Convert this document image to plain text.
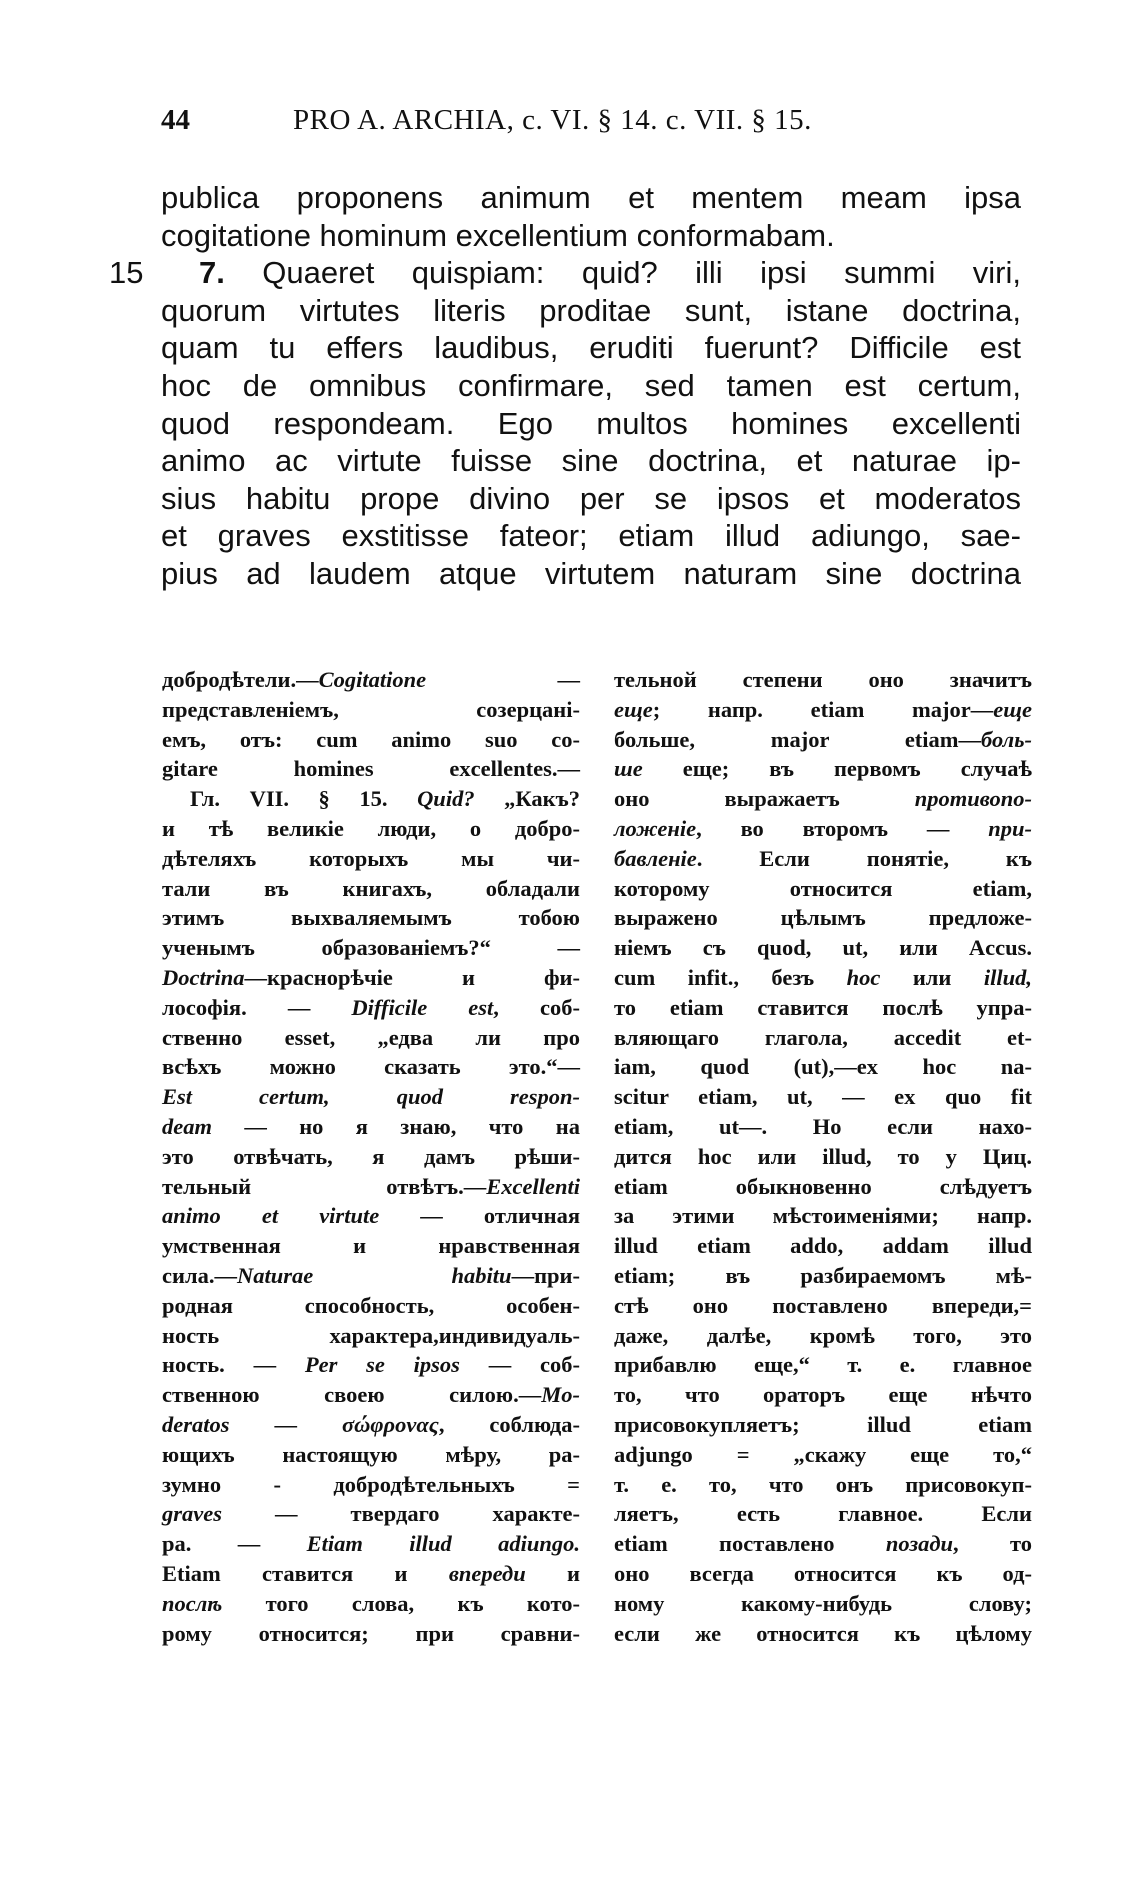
44	PRO A. ARCHIA, c. VI. § 14. c. VII. § 15.
publica proponens animum et mentem meam ipsa
cogitatione hominum excellentium conformabam.
15 7. Quaeret quispiam: quid? illi ipsi summi viri,
quorum virtutes literis proditae sunt, istane doctrina,
quam tu effers laudibus, eruditi fuerunt? Difficile est
hoc de omnibus confirmare, sed tamen est certum,
quod respondeam. Ego multos homines excellenti
animo ac virtute fuisse sine doctrina, et naturae ip-
sius habitu prope divino per se ipsos et moderatos
et graves exstitisse fateor; etiam illud adiungo, sae-
pius ad laudem atque virtutem naturam sine doctrina
добродѣтели.—Cogitatione —
представленіемъ, созерцані-
емъ, отъ: cum animo suo co-
gitare homines excellentes.—
Гл. VII. § 15. Quid? „Какъ?
и тѣ великіе люди, о добро-
дѣтеляхъ которыхъ мы чи-
тали въ книгахъ, обладали
этимъ выхваляемымъ тобою
ученымъ образованіемъ?“ —
Doctrina—краснорѣчіе и фи-
лософія. — Difficile est, соб-
ственно esset, „едва ли про
всѣхъ можно сказать это.“—
Est certum, quod respon-
deam — но я знаю, что на
это отвѣчать, я дамъ рѣши-
тельный отвѣтъ.—Excellenti
animo et virtute — отличная
умственная и нравственная
сила.—Naturae habitu—при-
родная способность, особен-
ность характера,индивидуаль-
ность. — Per se ipsos — соб-
ственною своею силою.—Mo-
deratos — σώφρονας, соблюда-
ющихъ настоящую мѣру, ра-
зумно - добродѣтельныхъ =
graves — твердаго характе-
ра. — Etiam illud adiungo.
Etiam ставится и впереди и
послѣ того слова, къ кото-
рому относится; при сравни-
тельной степени оно значитъ
еще; напр. etiam major—еще
больше, major etiam—боль-
ше еще; въ первомъ случаѣ
оно выражаетъ противопо-
ложеніе, во второмъ — при-
бавленіе. Если понятіе, къ
которому относится etiam,
выражено цѣлымъ предложе-
ніемъ съ quod, ut, или Accus.
cum infit., безъ hoc или illud,
то etiam ставится послѣ упра-
вляющаго глагола, accedit et-
iam, quod (ut),—ex hoc na-
scitur etiam, ut, — ex quo fit
etiam, ut—. Но если нахо-
дится hoc или illud, то у Циц.
etiam обыкновенно слѣдуетъ
за этими мѣстоименіями; напр.
illud etiam addo, addam illud
etiam; въ разбираемомъ мѣ-
стѣ оно поставлено впереди,=
даже, далѣе, кромѣ того, это
прибавлю еще,“ т. е. главное
то, что ораторъ еще нѣчто
присовокупляетъ; illud etiam
adjungo = „скажу еще то,“
т. е. то, что онъ присовокуп-
ляетъ, есть главное. Если
etiam поставлено позади, то
оно всегда относится къ од-
ному какому-нибудь слову;
если же относится къ цѣлому
